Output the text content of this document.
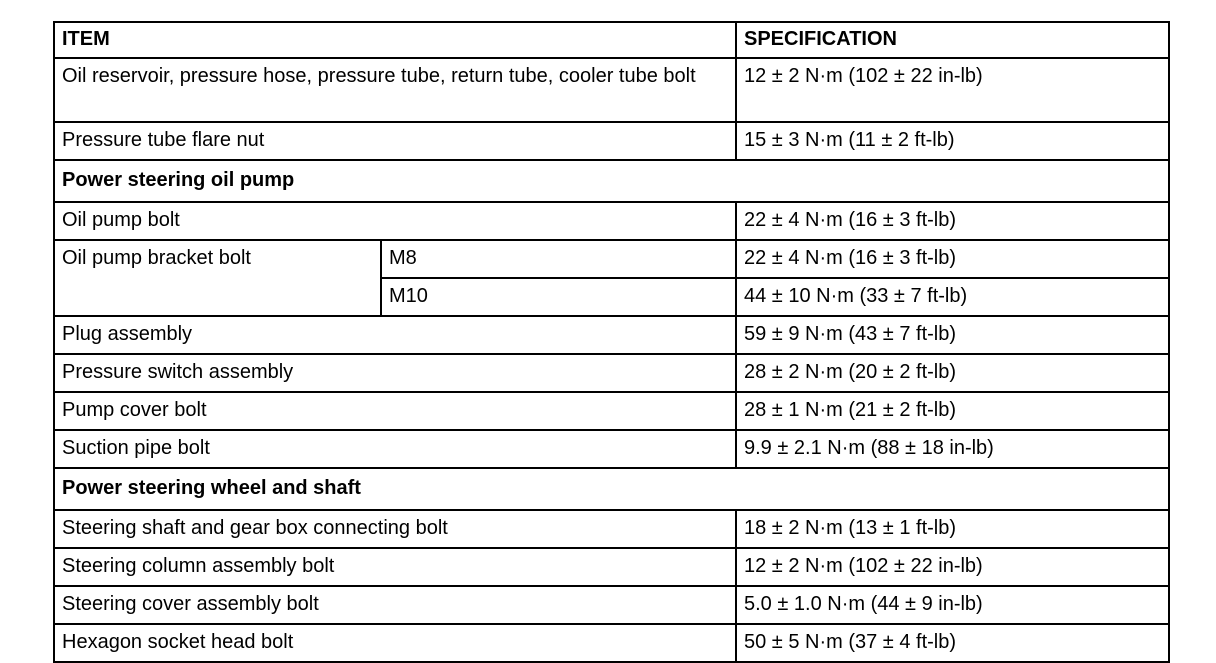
ITEM		SPECIFICATION
Oil reservoir, pressure hose, pressure tube, return tube, cooler tube bolt		12 ± 2 N·m (102 ± 22 in-lb)
Pressure tube flare nut		15 ± 3 N·m (11 ± 2 ft-lb)
Power steering oil pump		
Oil pump bolt		22 ± 4 N·m (16 ± 3 ft-lb)
Oil pump bracket bolt	M8	22 ± 4 N·m (16 ± 3 ft-lb)
	M10	44 ± 10 N·m (33 ± 7 ft-lb)
Plug assembly		59 ± 9 N·m (43 ± 7 ft-lb)
Pressure switch assembly		28 ± 2 N·m (20 ± 2 ft-lb)
Pump cover bolt		28 ± 1 N·m (21 ± 2 ft-lb)
Suction pipe bolt		9.9 ± 2.1 N·m (88 ± 18 in-lb)
Power steering wheel and shaft		
Steering shaft and gear box connecting bolt		18 ± 2 N·m (13 ± 1 ft-lb)
Steering column assembly bolt		12 ± 2 N·m (102 ± 22 in-lb)
Steering cover assembly bolt		5.0 ± 1.0 N·m (44 ± 9 in-lb)
Hexagon socket head bolt		50 ± 5 N·m (37 ± 4 ft-lb)
